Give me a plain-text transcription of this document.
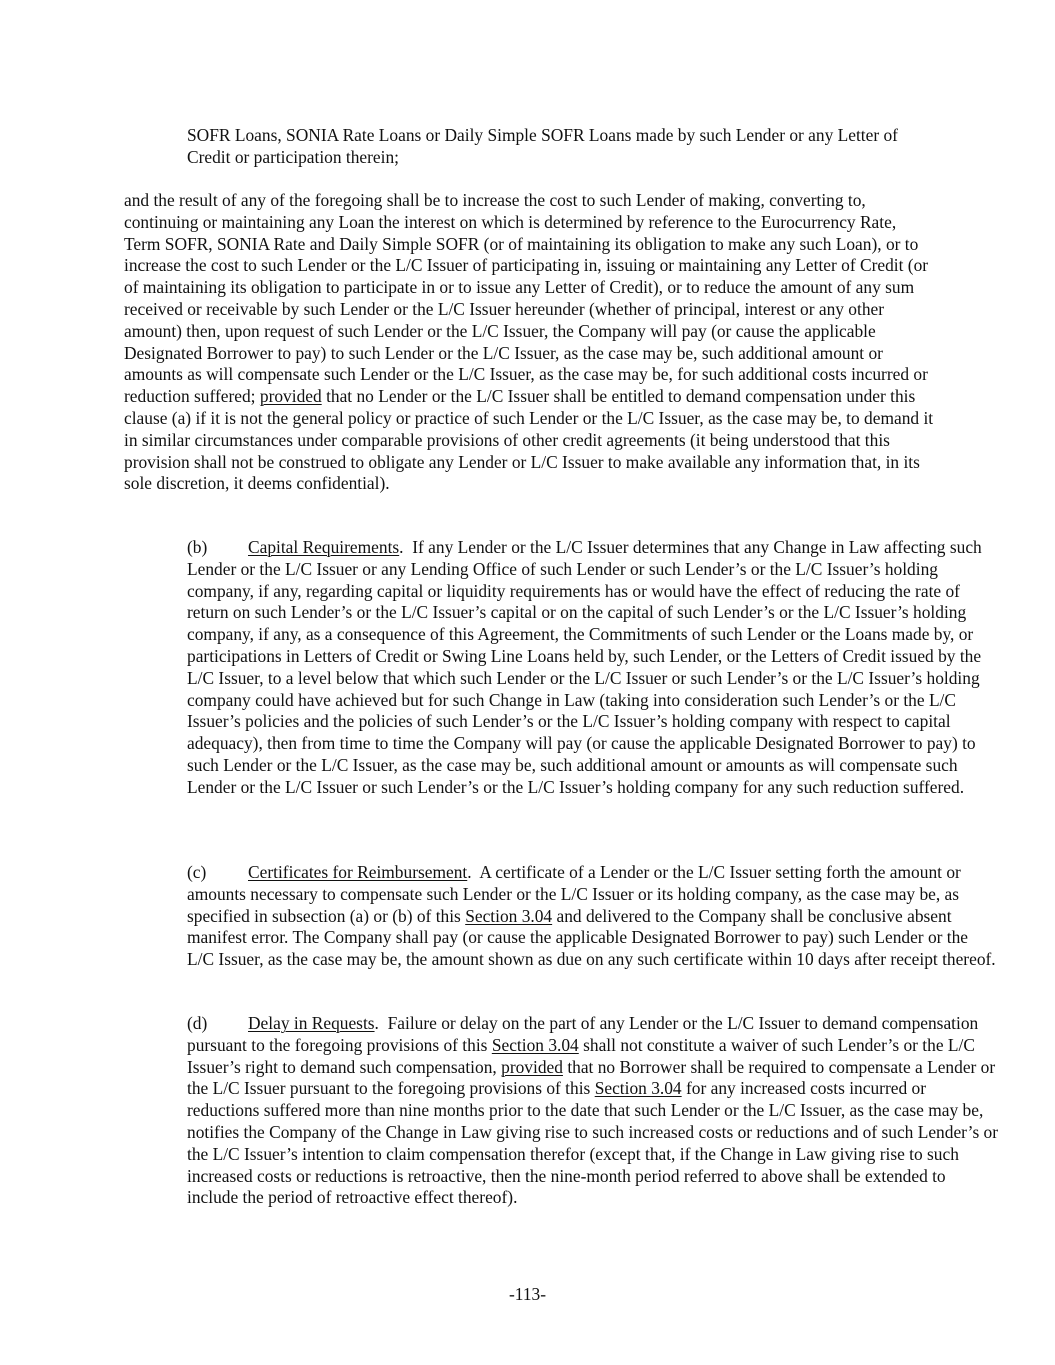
SOFR Loans, SONIA Rate Loans or Daily Simple SOFR Loans made by such Lender or any Letter of Credit or participation therein;

and the result of any of the foregoing shall be to increase the cost to such Lender of making, converting to, continuing or maintaining any Loan the interest on which is determined by reference to the Eurocurrency Rate, Term SOFR, SONIA Rate and Daily Simple SOFR (or of maintaining its obligation to make any such Loan), or to increase the cost to such Lender or the L/C Issuer of participating in, issuing or maintaining any Letter of Credit (or of maintaining its obligation to participate in or to issue any Letter of Credit), or to reduce the amount of any sum received or receivable by such Lender or the L/C Issuer hereunder (whether of principal, interest or any other amount) then, upon request of such Lender or the L/C Issuer, the Company will pay (or cause the applicable Designated Borrower to pay) to such Lender or the L/C Issuer, as the case may be, such additional amount or amounts as will compensate such Lender or the L/C Issuer, as the case may be, for such additional costs incurred or reduction suffered; provided that no Lender or the L/C Issuer shall be entitled to demand compensation under this clause (a) if it is not the general policy or practice of such Lender or the L/C Issuer, as the case may be, to demand it in similar circumstances under comparable provisions of other credit agreements (it being understood that this provision shall not be construed to obligate any Lender or L/C Issuer to make available any information that, in its sole discretion, it deems confidential).

(b) Capital Requirements.  If any Lender or the L/C Issuer determines that any Change in Law affecting such Lender or the L/C Issuer or any Lending Office of such Lender or such Lender’s or the L/C Issuer’s holding company, if any, regarding capital or liquidity requirements has or would have the effect of reducing the rate of return on such Lender’s or the L/C Issuer’s capital or on the capital of such Lender’s or the L/C Issuer’s holding company, if any, as a consequence of this Agreement, the Commitments of such Lender or the Loans made by, or participations in Letters of Credit or Swing Line Loans held by, such Lender, or the Letters of Credit issued by the L/C Issuer, to a level below that which such Lender or the L/C Issuer or such Lender’s or the L/C Issuer’s holding company could have achieved but for such Change in Law (taking into consideration such Lender’s or the L/C Issuer’s policies and the policies of such Lender’s or the L/C Issuer’s holding company with respect to capital adequacy), then from time to time the Company will pay (or cause the applicable Designated Borrower to pay) to such Lender or the L/C Issuer, as the case may be, such additional amount or amounts as will compensate such Lender or the L/C Issuer or such Lender’s or the L/C Issuer’s holding company for any such reduction suffered.

(c) Certificates for Reimbursement.  A certificate of a Lender or the L/C Issuer setting forth the amount or amounts necessary to compensate such Lender or the L/C Issuer or its holding company, as the case may be, as specified in subsection (a) or (b) of this Section 3.04 and delivered to the Company shall be conclusive absent manifest error. The Company shall pay (or cause the applicable Designated Borrower to pay) such Lender or the L/C Issuer, as the case may be, the amount shown as due on any such certificate within 10 days after receipt thereof.

(d) Delay in Requests.  Failure or delay on the part of any Lender or the L/C Issuer to demand compensation pursuant to the foregoing provisions of this Section 3.04 shall not constitute a waiver of such Lender’s or the L/C Issuer’s right to demand such compensation, provided that no Borrower shall be required to compensate a Lender or the L/C Issuer pursuant to the foregoing provisions of this Section 3.04 for any increased costs incurred or reductions suffered more than nine months prior to the date that such Lender or the L/C Issuer, as the case may be, notifies the Company of the Change in Law giving rise to such increased costs or reductions and of such Lender’s or the L/C Issuer’s intention to claim compensation therefor (except that, if the Change in Law giving rise to such increased costs or reductions is retroactive, then the nine-month period referred to above shall be extended to include the period of retroactive effect thereof).

-113-
